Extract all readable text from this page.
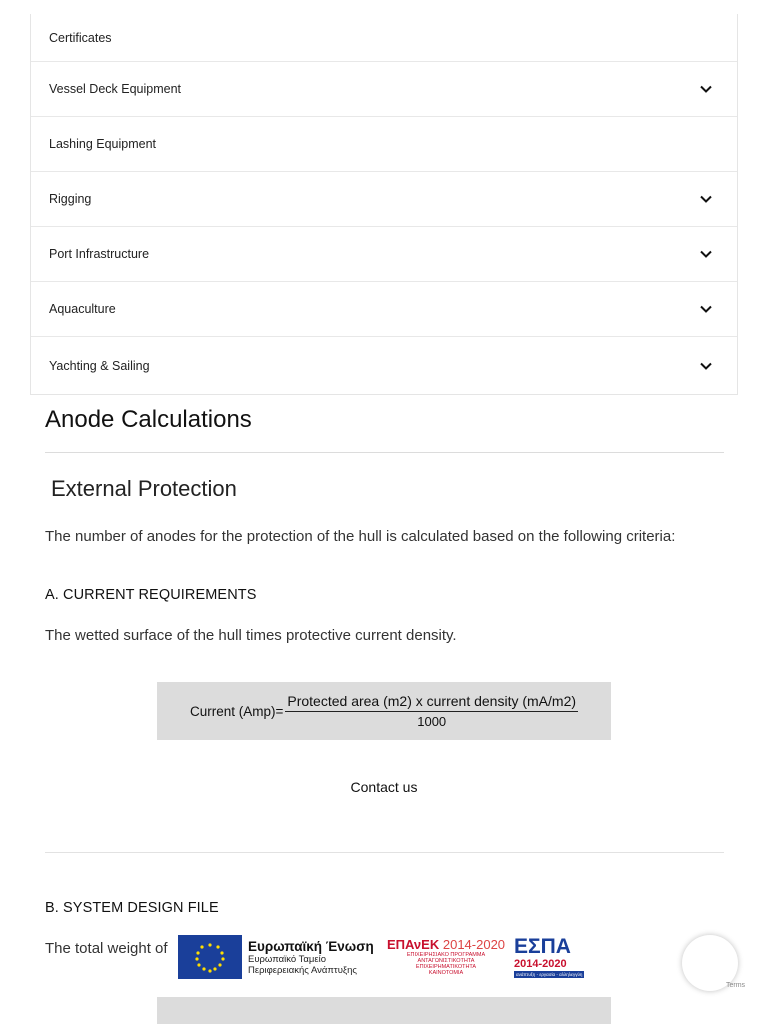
Certificates
Vessel Deck Equipment
Lashing Equipment
Rigging
Port Infrastructure
Aquaculture
Yachting & Sailing
Anode Calculations
External Protection

The number of anodes for the protection of the hull is calculated based on the following criteria:

A. CURRENT REQUIREMENTS

The wetted surface of the hull times protective current density.

Current $(Amp)= \frac{\text{Protected area (m2) x current density (mA/m2)}}{1000}$
Contact us

B. SYSTEM DESIGN FILE

The total weight of	Ευρωπαϊκή Ένωση
Ευρωπαϊκό Ταμείο
Περιφερειακής Ανάπτυξης
ΕΠΑνΕΚ 2014-2020
ΕΠΙΧΕΙΡΗΣΙΑΚΟ ΠΡΟΓΡΑΜΜΑ
ΑΝΤΑΓΩΝΙΣΤΙΚΟΤΗΤΑ
ΕΠΙΧΕΙΡΗΜΑΤΙΚΟΤΗΤΑ
ΚΑΙΝΟΤΟΜΙΑ
ΕΣΠΑ
2014-2020
ανάπτυξη - εργασία - αλληλεγγύη
Terms
